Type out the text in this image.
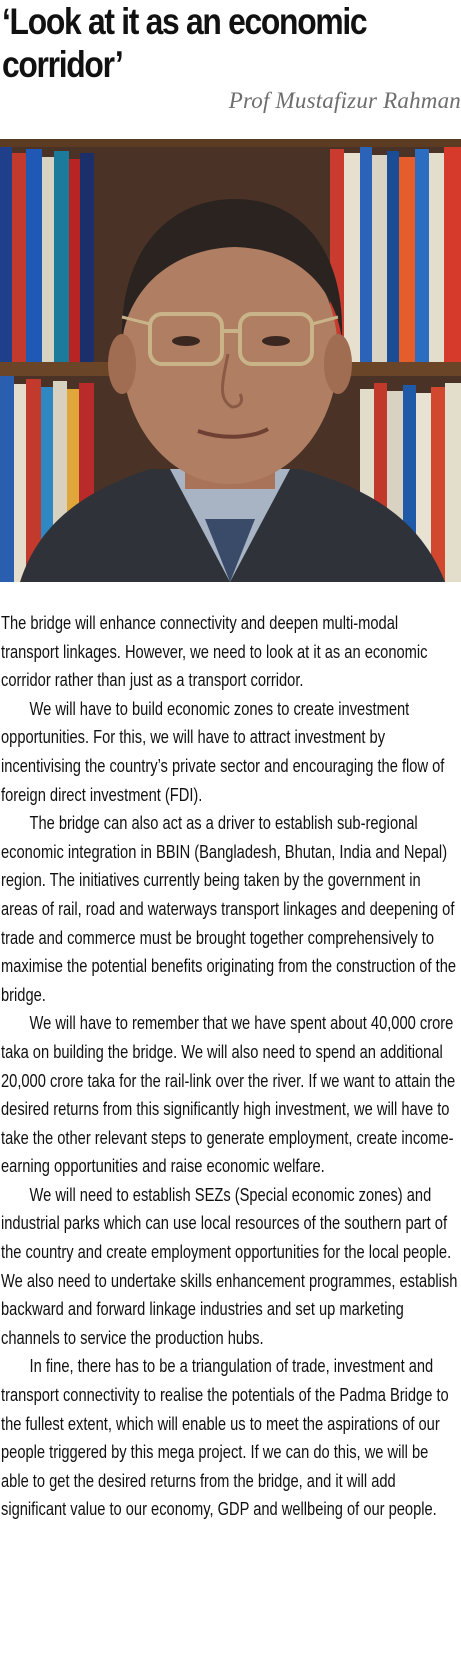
‘Look at it as an economic corridor’
Prof Mustafizur Rahman

The bridge will enhance connectivity and deepen multi-modal transport linkages. However, we need to look at it as an economic corridor rather than just as a transport corridor.

We will have to build economic zones to create investment opportunities. For this, we will have to attract investment by incentivising the country’s private sector and encouraging the flow of foreign direct investment (FDI).

The bridge can also act as a driver to establish sub-regional economic integration in BBIN (Bangladesh, Bhutan, India and Nepal) region. The initiatives currently being taken by the government in areas of rail, road and waterways transport linkages and deepening of trade and commerce must be brought together comprehensively to maximise the potential benefits originating from the construction of the bridge.

We will have to remember that we have spent about 40,000 crore taka on building the bridge. We will also need to spend an additional 20,000 crore taka for the rail-link over the river. If we want to attain the desired returns from this significantly high investment, we will have to take the other relevant steps to generate employment, create income-earning opportunities and raise economic welfare.

We will need to establish SEZs (Special economic zones) and industrial parks which can use local resources of the southern part of the country and create employment opportunities for the local people. We also need to undertake skills enhancement programmes, establish backward and forward linkage industries and set up marketing channels to service the production hubs.

In fine, there has to be a triangulation of trade, investment and transport connectivity to realise the potentials of the Padma Bridge to the fullest extent, which will enable us to meet the aspirations of our people triggered by this mega project. If we can do this, we will be able to get the desired returns from the bridge, and it will add significant value to our economy, GDP and wellbeing of our people.
